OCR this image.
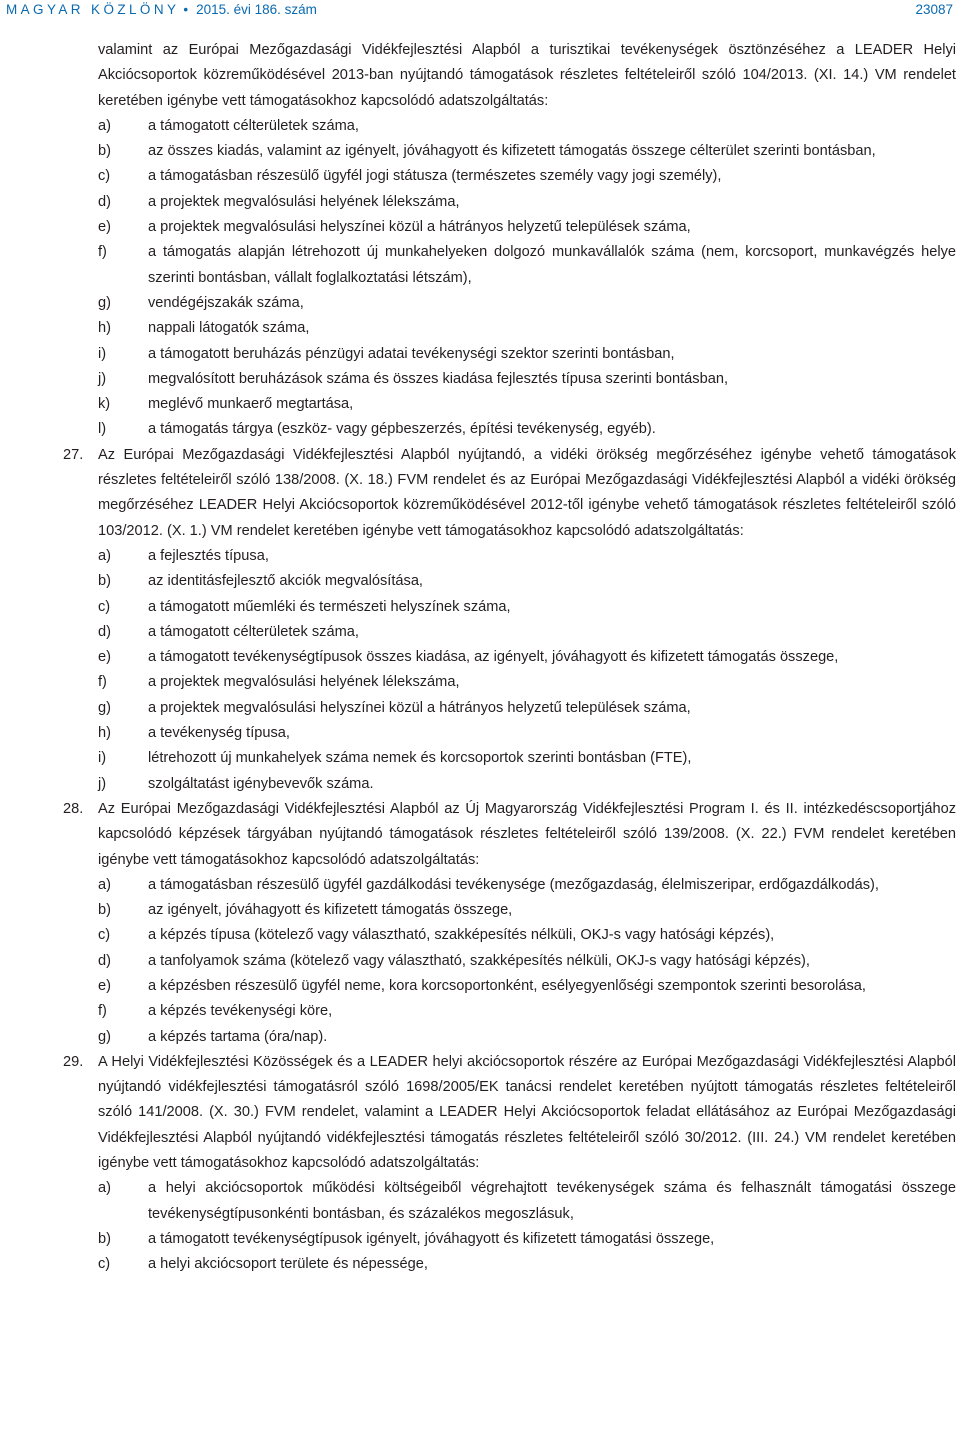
MAGYAR KÖZLÖNY • 2015. évi 186. szám	23087

valamint az Európai Mezőgazdasági Vidékfejlesztési Alapból a turisztikai tevékenységek ösztönzéséhez a LEADER Helyi Akciócsoportok közreműködésével 2013-ban nyújtandó támogatások részletes feltételeiről szóló 104/2013. (XI. 14.) VM rendelet keretében igénybe vett támogatásokhoz kapcsolódó adatszolgáltatás:

a)	a támogatott célterületek száma,
b)	az összes kiadás, valamint az igényelt, jóváhagyott és kifizetett támogatás összege célterület szerinti bontásban,
c)	a támogatásban részesülő ügyfél jogi státusza (természetes személy vagy jogi személy),
d)	a projektek megvalósulási helyének lélekszáma,
e)	a projektek megvalósulási helyszínei közül a hátrányos helyzetű települések száma,
f)	a támogatás alapján létrehozott új munkahelyeken dolgozó munkavállalók száma (nem, korcsoport, munkavégzés helye szerinti bontásban, vállalt foglalkoztatási létszám),
g)	vendégéjszakák száma,
h)	nappali látogatók száma,
i)	a támogatott beruházás pénzügyi adatai tevékenységi szektor szerinti bontásban,
j)	megvalósított beruházások száma és összes kiadása fejlesztés típusa szerinti bontásban,
k)	meglévő munkaerő megtartása,
l)	a támogatás tárgya (eszköz- vagy gépbeszerzés, építési tevékenység, egyéb).
27. Az Európai Mezőgazdasági Vidékfejlesztési Alapból nyújtandó, a vidéki örökség megőrzéséhez igénybe vehető támogatások részletes feltételeiről szóló 138/2008. (X. 18.) FVM rendelet és az Európai Mezőgazdasági Vidékfejlesztési Alapból a vidéki örökség megőrzéséhez LEADER Helyi Akciócsoportok közreműködésével 2012-től igénybe vehető támogatások részletes feltételeiről szóló 103/2012. (X. 1.) VM rendelet keretében igénybe vett támogatásokhoz kapcsolódó adatszolgáltatás:
a)	a fejlesztés típusa,
b)	az identitásfejlesztő akciók megvalósítása,
c)	a támogatott műemléki és természeti helyszínek száma,
d)	a támogatott célterületek száma,
e)	a támogatott tevékenységtípusok összes kiadása, az igényelt, jóváhagyott és kifizetett támogatás összege,
f)	a projektek megvalósulási helyének lélekszáma,
g)	a projektek megvalósulási helyszínei közül a hátrányos helyzetű települések száma,
h)	a tevékenység típusa,
i)	létrehozott új munkahelyek száma nemek és korcsoportok szerinti bontásban (FTE),
j)	szolgáltatást igénybevevők száma.
28. Az Európai Mezőgazdasági Vidékfejlesztési Alapból az Új Magyarország Vidékfejlesztési Program I. és II. intézkedéscsoportjához kapcsolódó képzések tárgyában nyújtandó támogatások részletes feltételeiről szóló 139/2008. (X. 22.) FVM rendelet keretében igénybe vett támogatásokhoz kapcsolódó adatszolgáltatás:
a)	a támogatásban részesülő ügyfél gazdálkodási tevékenysége (mezőgazdaság, élelmiszeripar, erdőgazdálkodás),
b)	az igényelt, jóváhagyott és kifizetett támogatás összege,
c)	a képzés típusa (kötelező vagy választható, szakképesítés nélküli, OKJ-s vagy hatósági képzés),
d)	a tanfolyamok száma (kötelező vagy választható, szakképesítés nélküli, OKJ-s vagy hatósági képzés),
e)	a képzésben részesülő ügyfél neme, kora korcsoportonként, esélyegyenlőségi szempontok szerinti besorolása,
f)	a képzés tevékenységi köre,
g)	a képzés tartama (óra/nap).
29. A Helyi Vidékfejlesztési Közösségek és a LEADER helyi akciócsoportok részére az Európai Mezőgazdasági Vidékfejlesztési Alapból nyújtandó vidékfejlesztési támogatásról szóló 1698/2005/EK tanácsi rendelet keretében nyújtott támogatás részletes feltételeiről szóló 141/2008. (X. 30.) FVM rendelet, valamint a LEADER Helyi Akciócsoportok feladat ellátásához az Európai Mezőgazdasági Vidékfejlesztési Alapból nyújtandó vidékfejlesztési támogatás részletes feltételeiről szóló 30/2012. (III. 24.) VM rendelet keretében igénybe vett támogatásokhoz kapcsolódó adatszolgáltatás:
a)	a helyi akciócsoportok működési költségeiből végrehajtott tevékenységek száma és felhasznált támogatási összege tevékenységtípusonkénti bontásban, és százalékos megoszlásuk,
b)	a támogatott tevékenységtípusok igényelt, jóváhagyott és kifizetett támogatási összege,
c)	a helyi akciócsoport területe és népessége,
